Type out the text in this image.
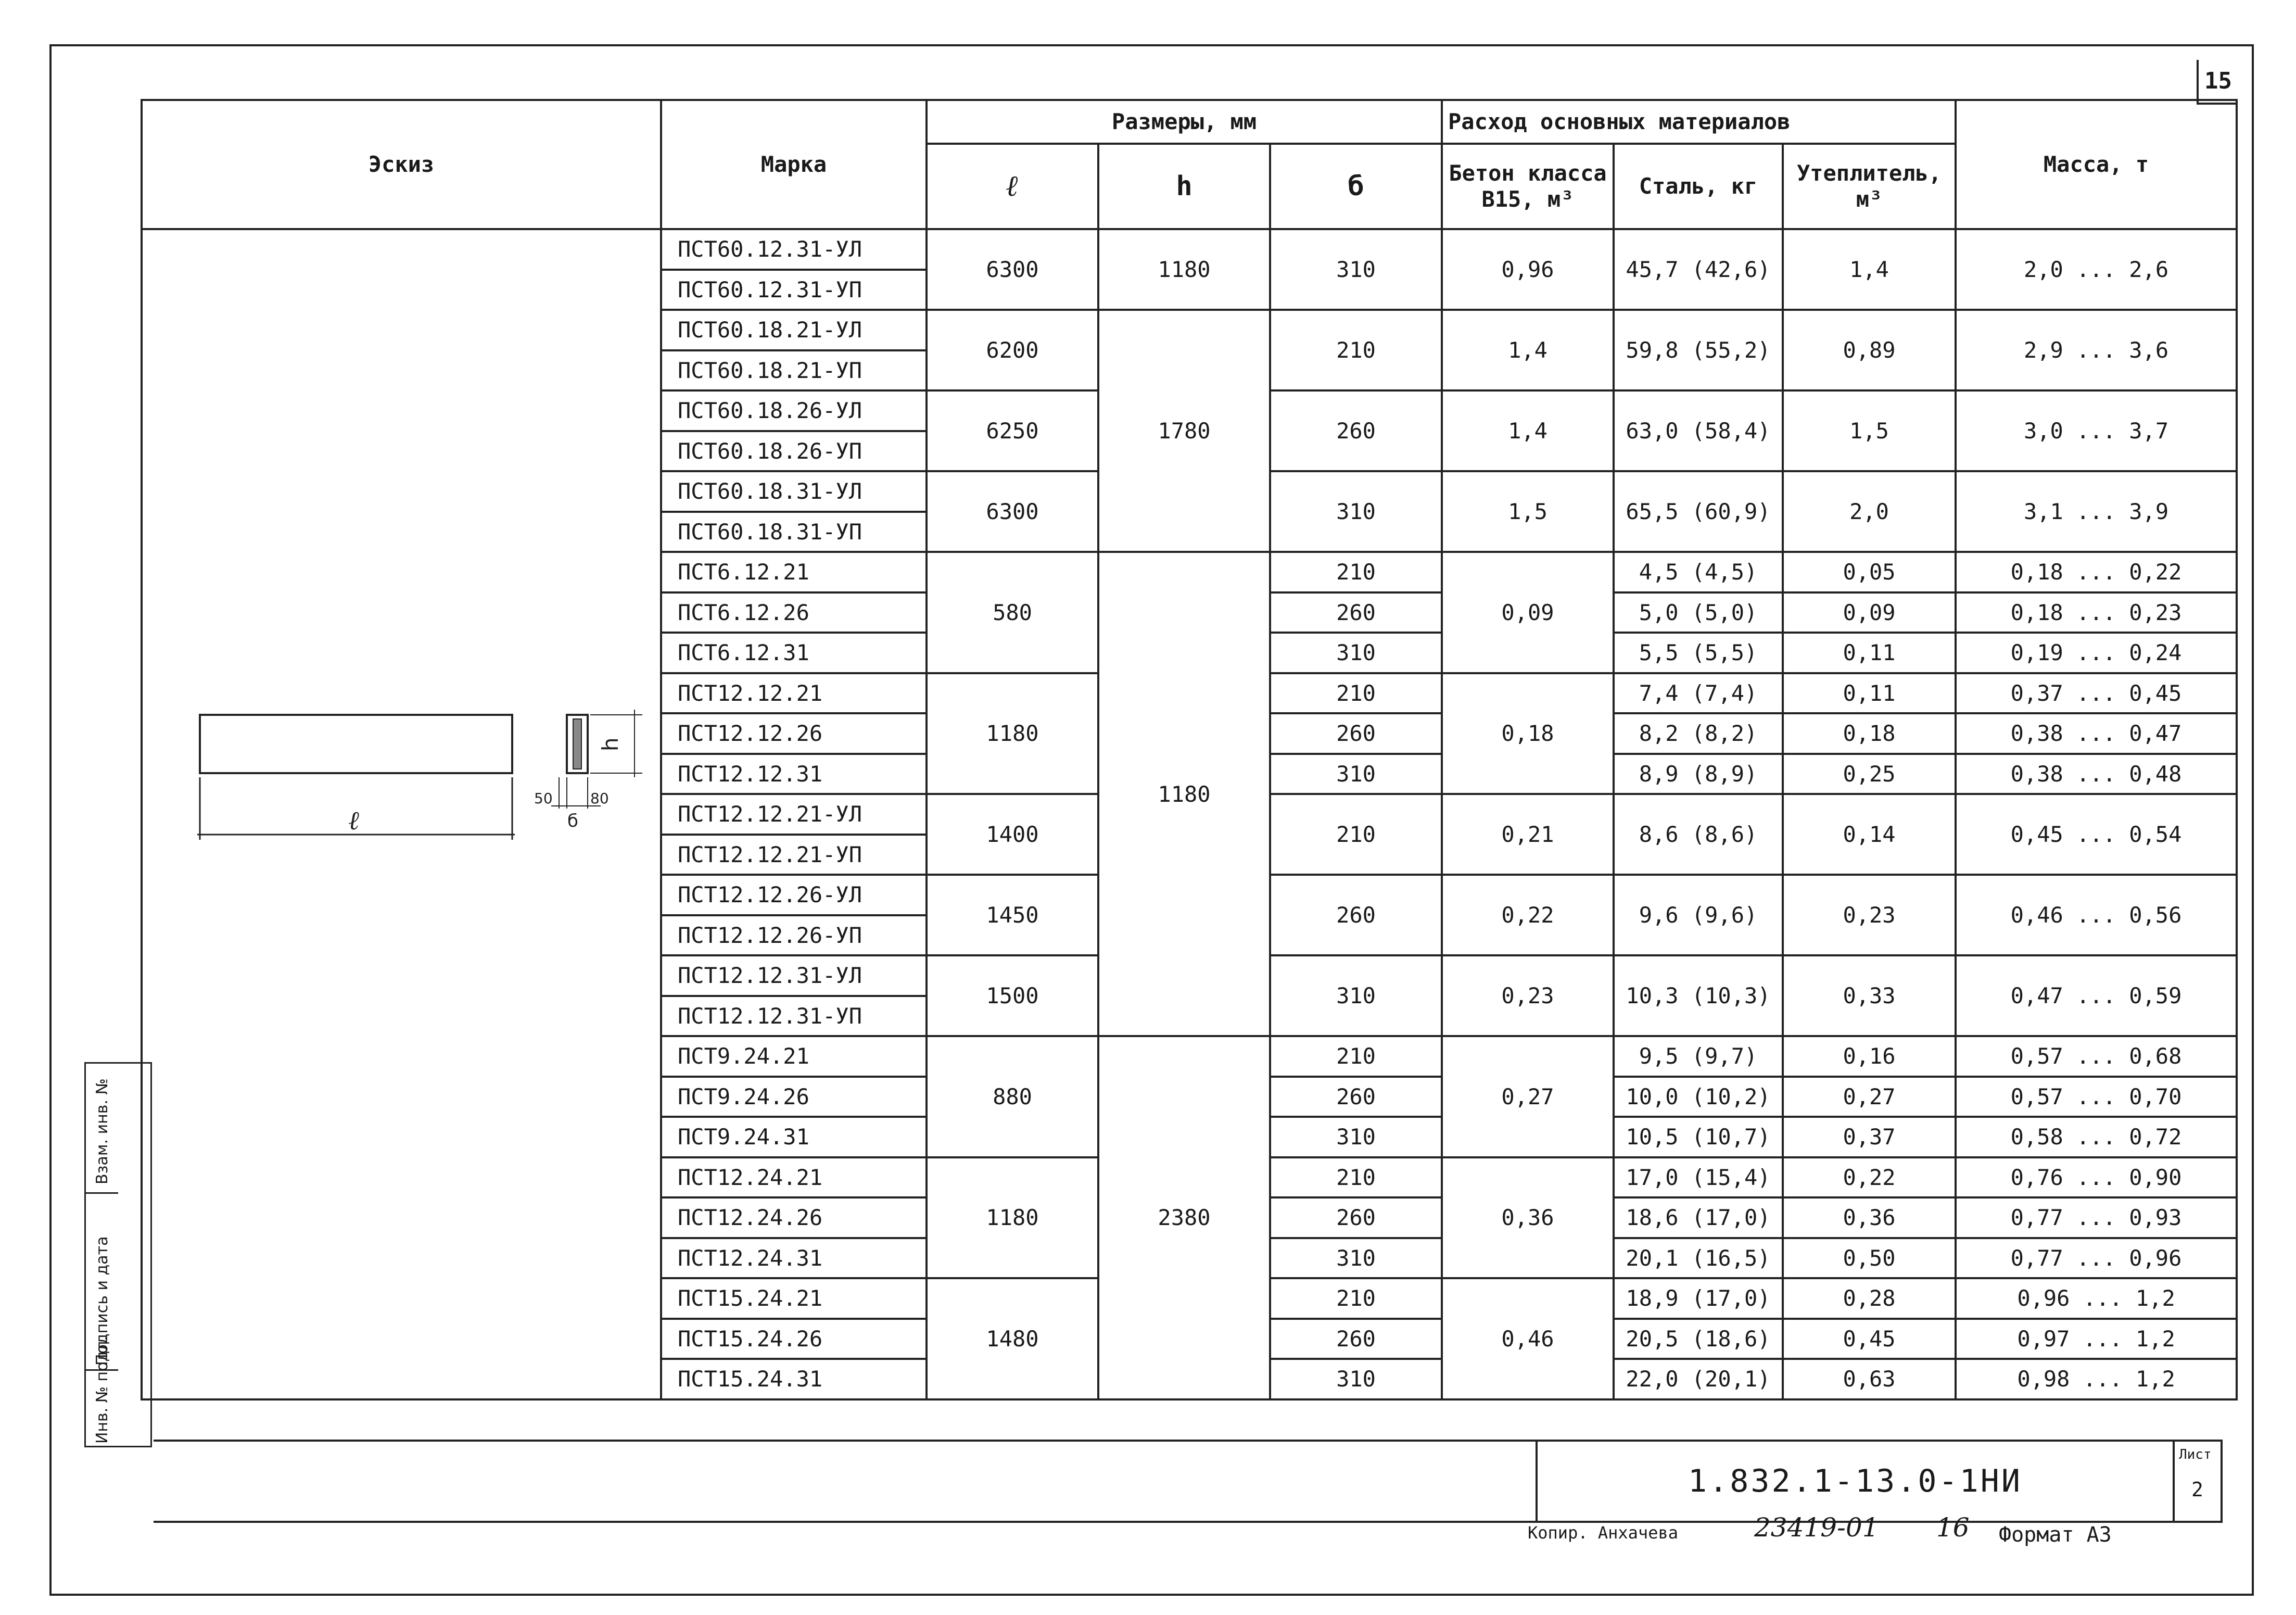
15
Эскиз	Марка	Размеры, мм			Расход основных материалов			Масса, т
		ℓ	h	б	Бетон класса В15, м³	Сталь, кг	Утеплитель, м³	

ℓ
h
б
50 80	ПСТ60.12.31-УЛ	6300	1180	310	0,96	45,7 (42,6)	1,4	2,0 ... 2,6
	ПСТ60.12.31-УП							
	ПСТ60.18.21-УЛ	6200	1780	210	1,4	59,8 (55,2)	0,89	2,9 ... 3,6
	ПСТ60.18.21-УП							
	ПСТ60.18.26-УЛ	6250		260	1,4	63,0 (58,4)	1,5	3,0 ... 3,7
	ПСТ60.18.26-УП							
	ПСТ60.18.31-УЛ	6300		310	1,5	65,5 (60,9)	2,0	3,1 ... 3,9
	ПСТ60.18.31-УП							
	ПСТ6.12.21	580	1180	210	0,09	4,5 (4,5)	0,05	0,18 ... 0,22
	ПСТ6.12.26			260		5,0 (5,0)	0,09	0,18 ... 0,23
	ПСТ6.12.31			310		5,5 (5,5)	0,11	0,19 ... 0,24
	ПСТ12.12.21	1180		210	0,18	7,4 (7,4)	0,11	0,37 ... 0,45
	ПСТ12.12.26			260		8,2 (8,2)	0,18	0,38 ... 0,47
	ПСТ12.12.31			310		8,9 (8,9)	0,25	0,38 ... 0,48
	ПСТ12.12.21-УЛ	1400		210	0,21	8,6 (8,6)	0,14	0,45 ... 0,54
	ПСТ12.12.21-УП							
	ПСТ12.12.26-УЛ	1450		260	0,22	9,6 (9,6)	0,23	0,46 ... 0,56
	ПСТ12.12.26-УП							
	ПСТ12.12.31-УЛ	1500		310	0,23	10,3 (10,3)	0,33	0,47 ... 0,59
	ПСТ12.12.31-УП							
	ПСТ9.24.21	880	2380	210	0,27	9,5 (9,7)	0,16	0,57 ... 0,68
	ПСТ9.24.26			260		10,0 (10,2)	0,27	0,57 ... 0,70
	ПСТ9.24.31			310		10,5 (10,7)	0,37	0,58 ... 0,72
	ПСТ12.24.21	1180		210	0,36	17,0 (15,4)	0,22	0,76 ... 0,90
	ПСТ12.24.26			260		18,6 (17,0)	0,36	0,77 ... 0,93
	ПСТ12.24.31			310		20,1 (16,5)	0,50	0,77 ... 0,96
	ПСТ15.24.21	1480		210	0,46	18,9 (17,0)	0,28	0,96 ... 1,2
	ПСТ15.24.26			260		20,5 (18,6)	0,45	0,97 ... 1,2
	ПСТ15.24.31			310		22,0 (20,1)	0,63	0,98 ... 1,2
Взам. инв. №
Подпись и дата
Инв. № подл.
1.832.1-13.0-1НИ
Лист
2
Копир. Анхачева	23419-01 16 Формат А3
